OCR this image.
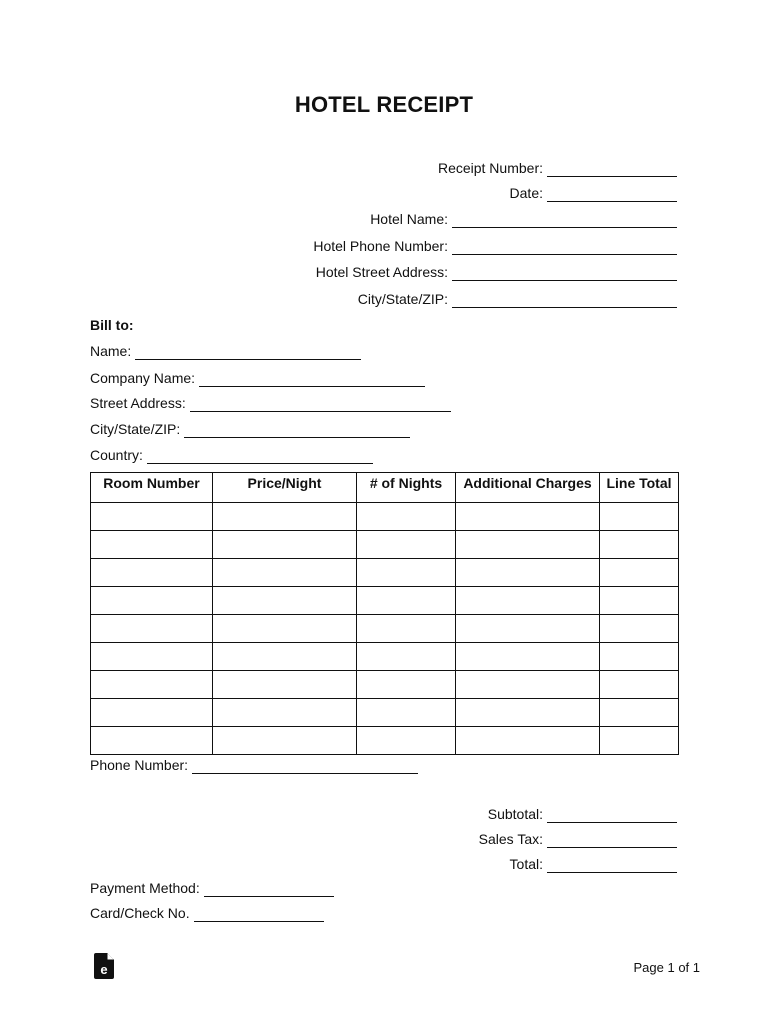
HOTEL RECEIPT
Receipt Number:
Date:
Hotel Name:
Hotel Phone Number:
Hotel Street Address:
City/State/ZIP:
Bill to:
Name:
Company Name:
Street Address:
City/State/ZIP:
Country:
Room Number	Price/Night	# of Nights	Additional Charges	Line Total

Phone Number:
Subtotal:
Sales Tax:
Total:
Payment Method:
Card/Check No.
e	Page 1 of 1
